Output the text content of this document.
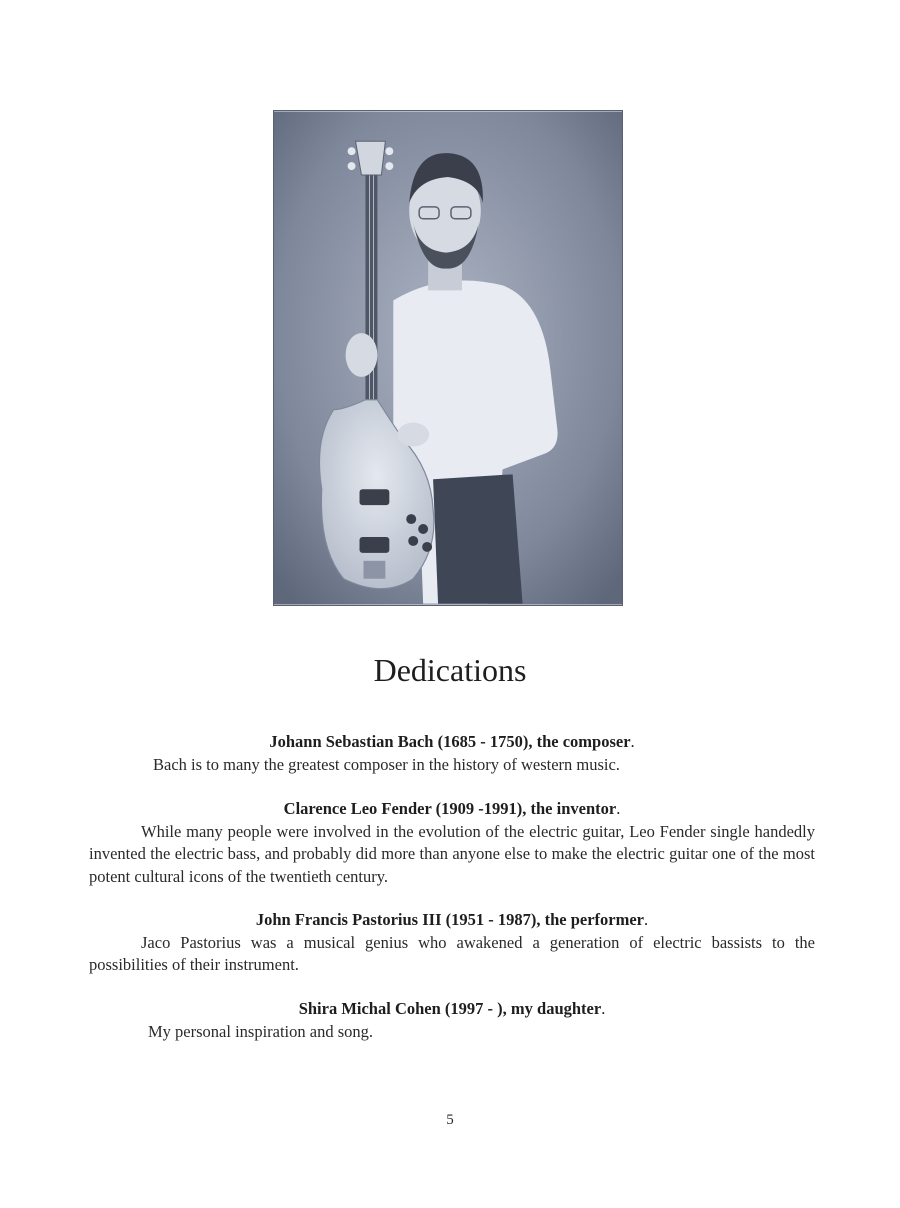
Dedications
Johann Sebastian Bach (1685 - 1750), the composer.
Bach is to many the greatest composer in the history of western music.
Clarence Leo Fender (1909 -1991), the inventor.
While many people were involved in the evolution of the electric guitar, Leo Fender single handedly invented the electric bass, and probably did more than anyone else to make the electric guitar one of the most potent cultural icons of the twentieth century.
John Francis Pastorius III (1951 - 1987), the performer.
Jaco Pastorius was a musical genius who awakened a generation of electric bassists to the possibilities of their instrument.
Shira Michal Cohen (1997 - ), my daughter.
My personal inspiration and song.
5
